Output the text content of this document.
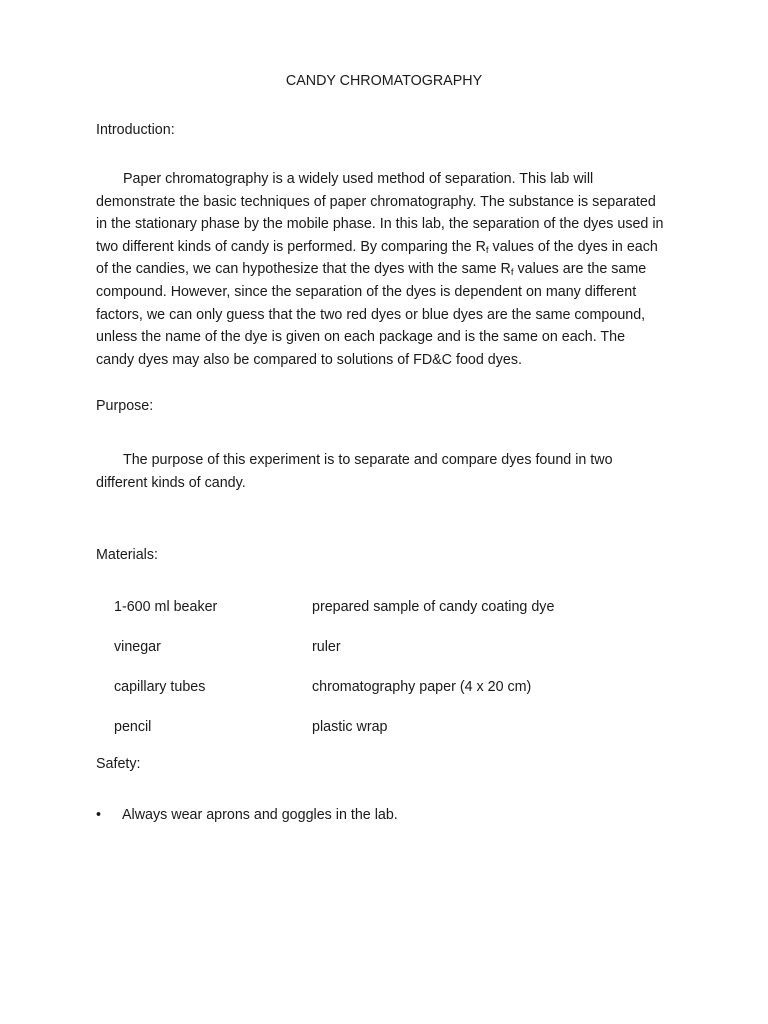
CANDY CHROMATOGRAPHY
Introduction:

Paper chromatography is a widely used method of separation. This lab will demonstrate the basic techniques of paper chromatography. The substance is separated in the stationary phase by the mobile phase. In this lab, the separation of the dyes used in two different kinds of candy is performed. By comparing the $R_f$ values of the dyes in each of the candies, we can hypothesize that the dyes with the same $R_f$ values are the same compound. However, since the separation of the dyes is dependent on many different factors, we can only guess that the two red dyes or blue dyes are the same compound, unless the name of the dye is given on each package and is the same on each. The candy dyes may also be compared to solutions of FD&C food dyes.

Purpose:

The purpose of this experiment is to separate and compare dyes found in two different kinds of candy.

Materials:
1-600 ml beaker	prepared sample of candy coating dye
vinegar	ruler
capillary tubes	chromatography paper (4 x 20 cm)
pencil	plastic wrap
Safety:
• Always wear aprons and goggles in the lab.
